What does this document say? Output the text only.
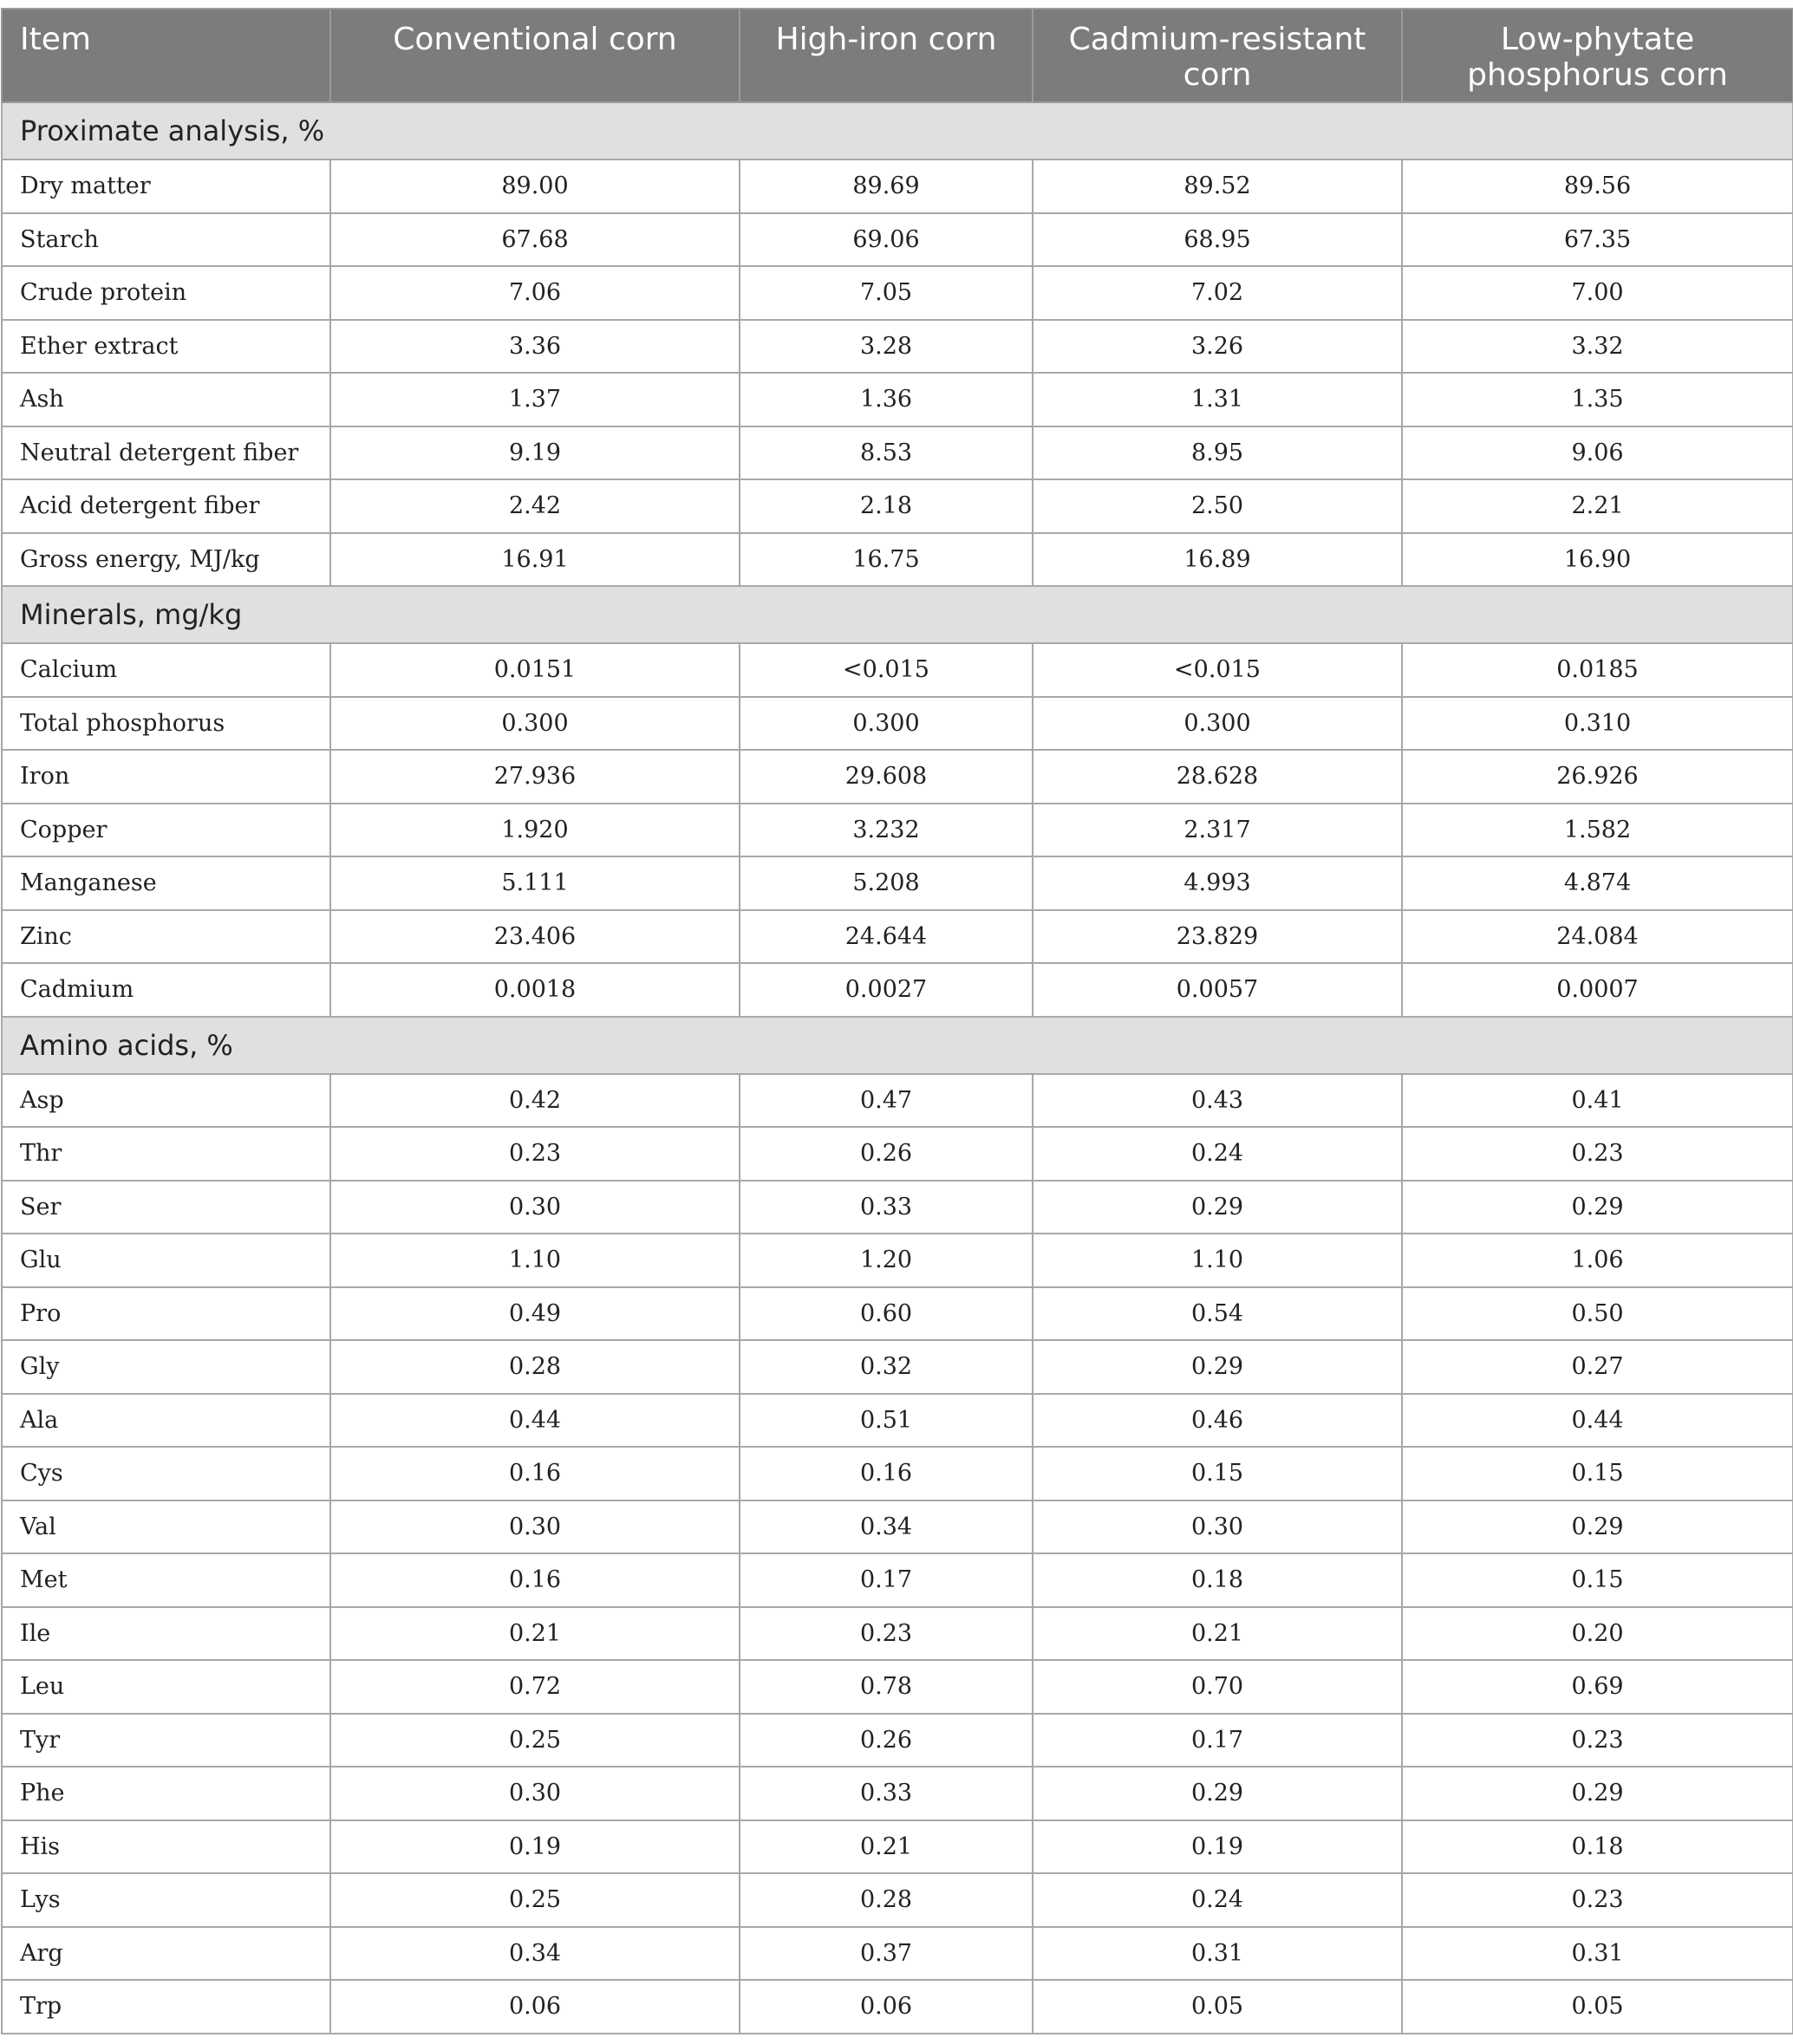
Item	Conventional corn	High-iron corn	Cadmium-resistant corn	Low-phytate phosphorus corn
Proximate analysis, %				
Dry matter	89.00	89.69	89.52	89.56
Starch	67.68	69.06	68.95	67.35
Crude protein	7.06	7.05	7.02	7.00
Ether extract	3.36	3.28	3.26	3.32
Ash	1.37	1.36	1.31	1.35
Neutral detergent fiber	9.19	8.53	8.95	9.06
Acid detergent fiber	2.42	2.18	2.50	2.21
Gross energy, MJ/kg	16.91	16.75	16.89	16.90
Minerals, mg/kg				
Calcium	0.0151	<0.015	<0.015	0.0185
Total phosphorus	0.300	0.300	0.300	0.310
Iron	27.936	29.608	28.628	26.926
Copper	1.920	3.232	2.317	1.582
Manganese	5.111	5.208	4.993	4.874
Zinc	23.406	24.644	23.829	24.084
Cadmium	0.0018	0.0027	0.0057	0.0007
Amino acids, %				
Asp	0.42	0.47	0.43	0.41
Thr	0.23	0.26	0.24	0.23
Ser	0.30	0.33	0.29	0.29
Glu	1.10	1.20	1.10	1.06
Pro	0.49	0.60	0.54	0.50
Gly	0.28	0.32	0.29	0.27
Ala	0.44	0.51	0.46	0.44
Cys	0.16	0.16	0.15	0.15
Val	0.30	0.34	0.30	0.29
Met	0.16	0.17	0.18	0.15
Ile	0.21	0.23	0.21	0.20
Leu	0.72	0.78	0.70	0.69
Tyr	0.25	0.26	0.17	0.23
Phe	0.30	0.33	0.29	0.29
His	0.19	0.21	0.19	0.18
Lys	0.25	0.28	0.24	0.23
Arg	0.34	0.37	0.31	0.31
Trp	0.06	0.06	0.05	0.05
